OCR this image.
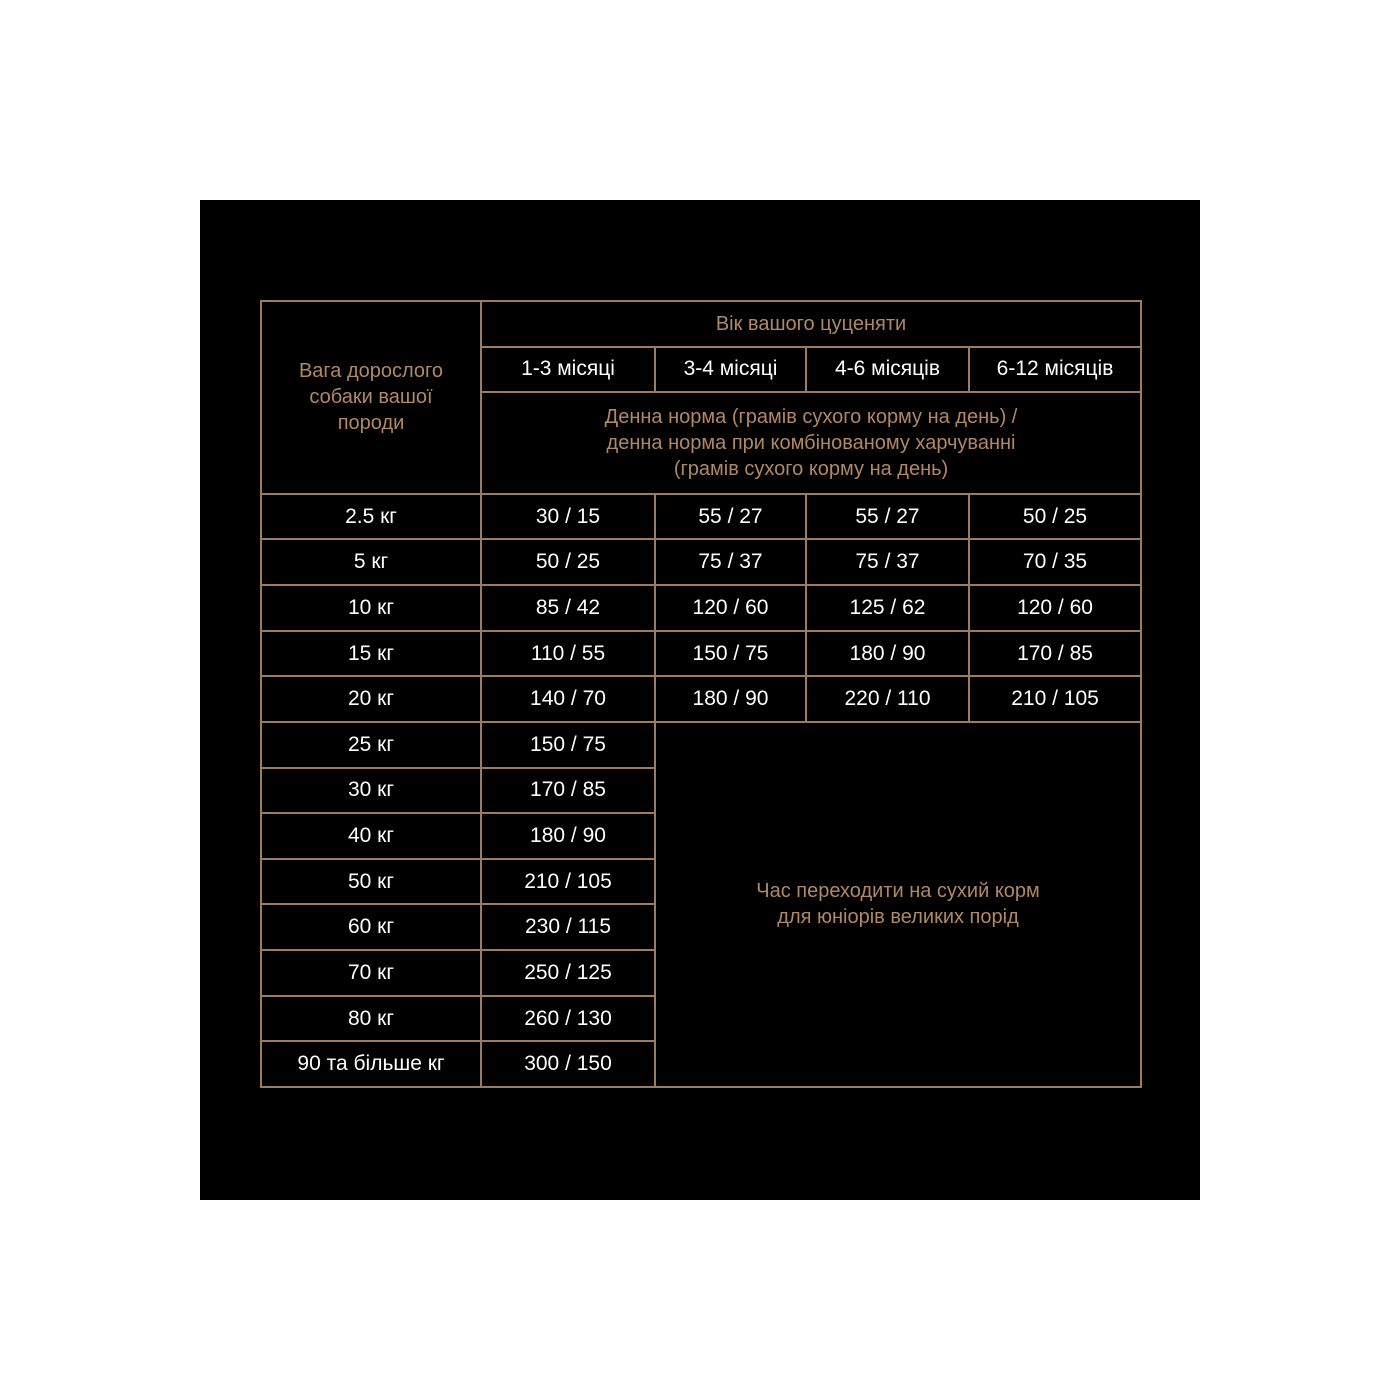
Вага дорослого собаки вашої породи	Вік вашого цуценяти			
	1-3 місяці	3-4 місяці	4-6 місяців	6-12 місяців

	Денна норма (грамів сухого корму на день) /
денна норма при комбінованому харчуванні
(грамів сухого корму на день)			

2.5 кг	30 / 15	55 / 27	55 / 27	50 / 25
5 кг	50 / 25	75 / 37	75 / 37	70 / 35
10 кг	85 / 42	120 / 60	125 / 62	120 / 60
15 кг	110 / 55	150 / 75	180 / 90	170 / 85
20 кг	140 / 70	180 / 90	220 / 110	210 / 105
25 кг	150 / 75	Час переходити на сухий корм
для юніорів великих порід		

30 кг	170 / 85			
40 кг	180 / 90			
50 кг	210 / 105			
60 кг	230 / 115			
70 кг	250 / 125			
80 кг	260 / 130			
90 та більше кг	300 / 150			
